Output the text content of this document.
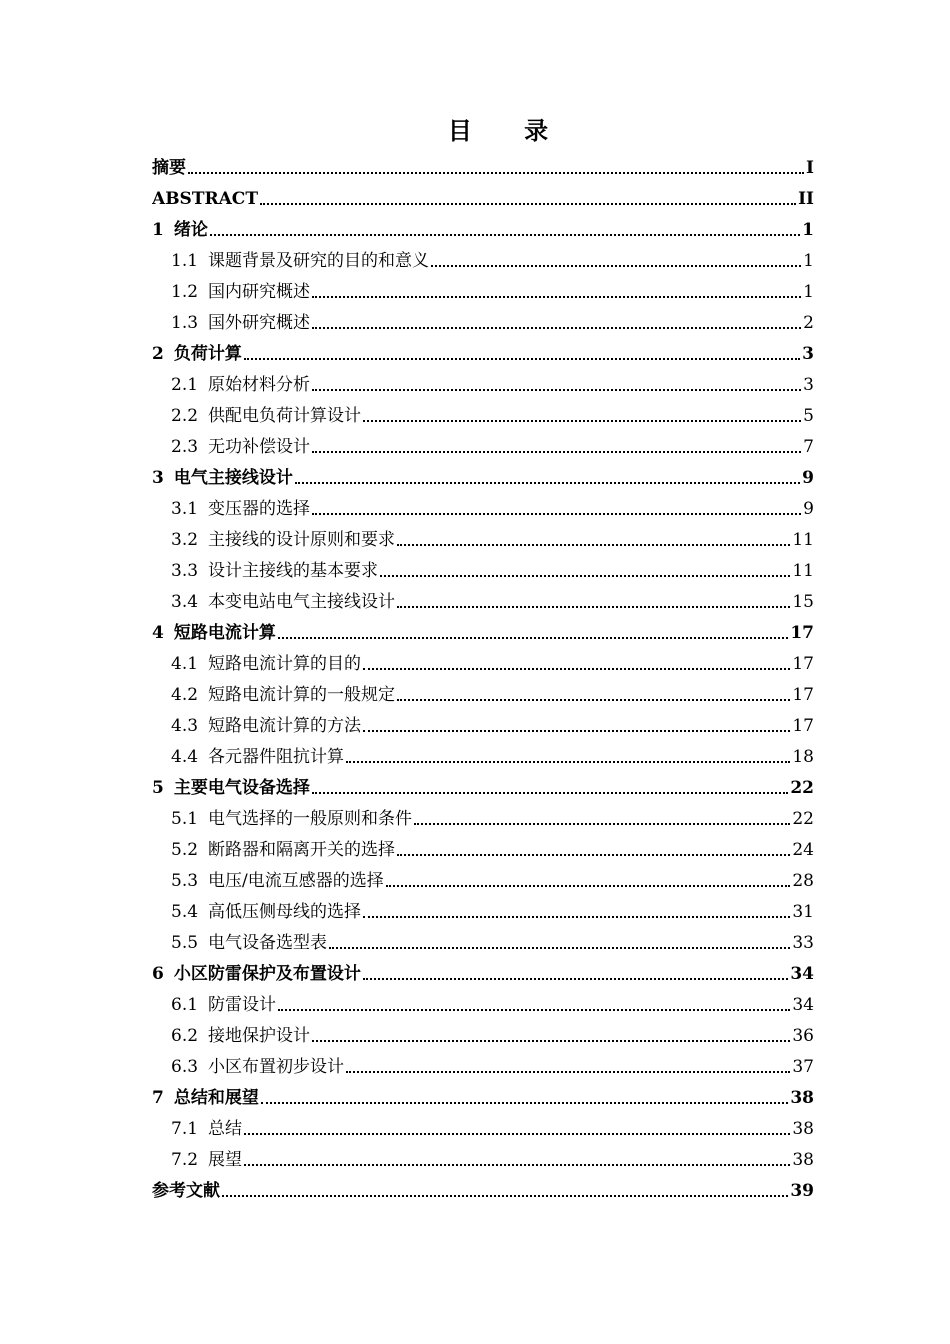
目 录
摘要	I
ABSTRACT	II
1 绪论	1
1.1 课题背景及研究的目的和意义	1
1.2 国内研究概述	1
1.3 国外研究概述	2
2 负荷计算	3
2.1 原始材料分析	3
2.2 供配电负荷计算设计	5
2.3 无功补偿设计	7
3 电气主接线设计	9
3.1 变压器的选择	9
3.2 主接线的设计原则和要求	11
3.3 设计主接线的基本要求	11
3.4 本变电站电气主接线设计	15
4 短路电流计算	17
4.1 短路电流计算的目的	17
4.2 短路电流计算的一般规定	17
4.3 短路电流计算的方法	17
4.4 各元器件阻抗计算	18
5 主要电气设备选择	22
5.1 电气选择的一般原则和条件	22
5.2 断路器和隔离开关的选择	24
5.3 电压/电流互感器的选择	28
5.4 高低压侧母线的选择	31
5.5 电气设备选型表	33
6 小区防雷保护及布置设计	34
6.1 防雷设计	34
6.2 接地保护设计	36
6.3 小区布置初步设计	37
7 总结和展望	38
7.1 总结	38
7.2 展望	38
参考文献	39
